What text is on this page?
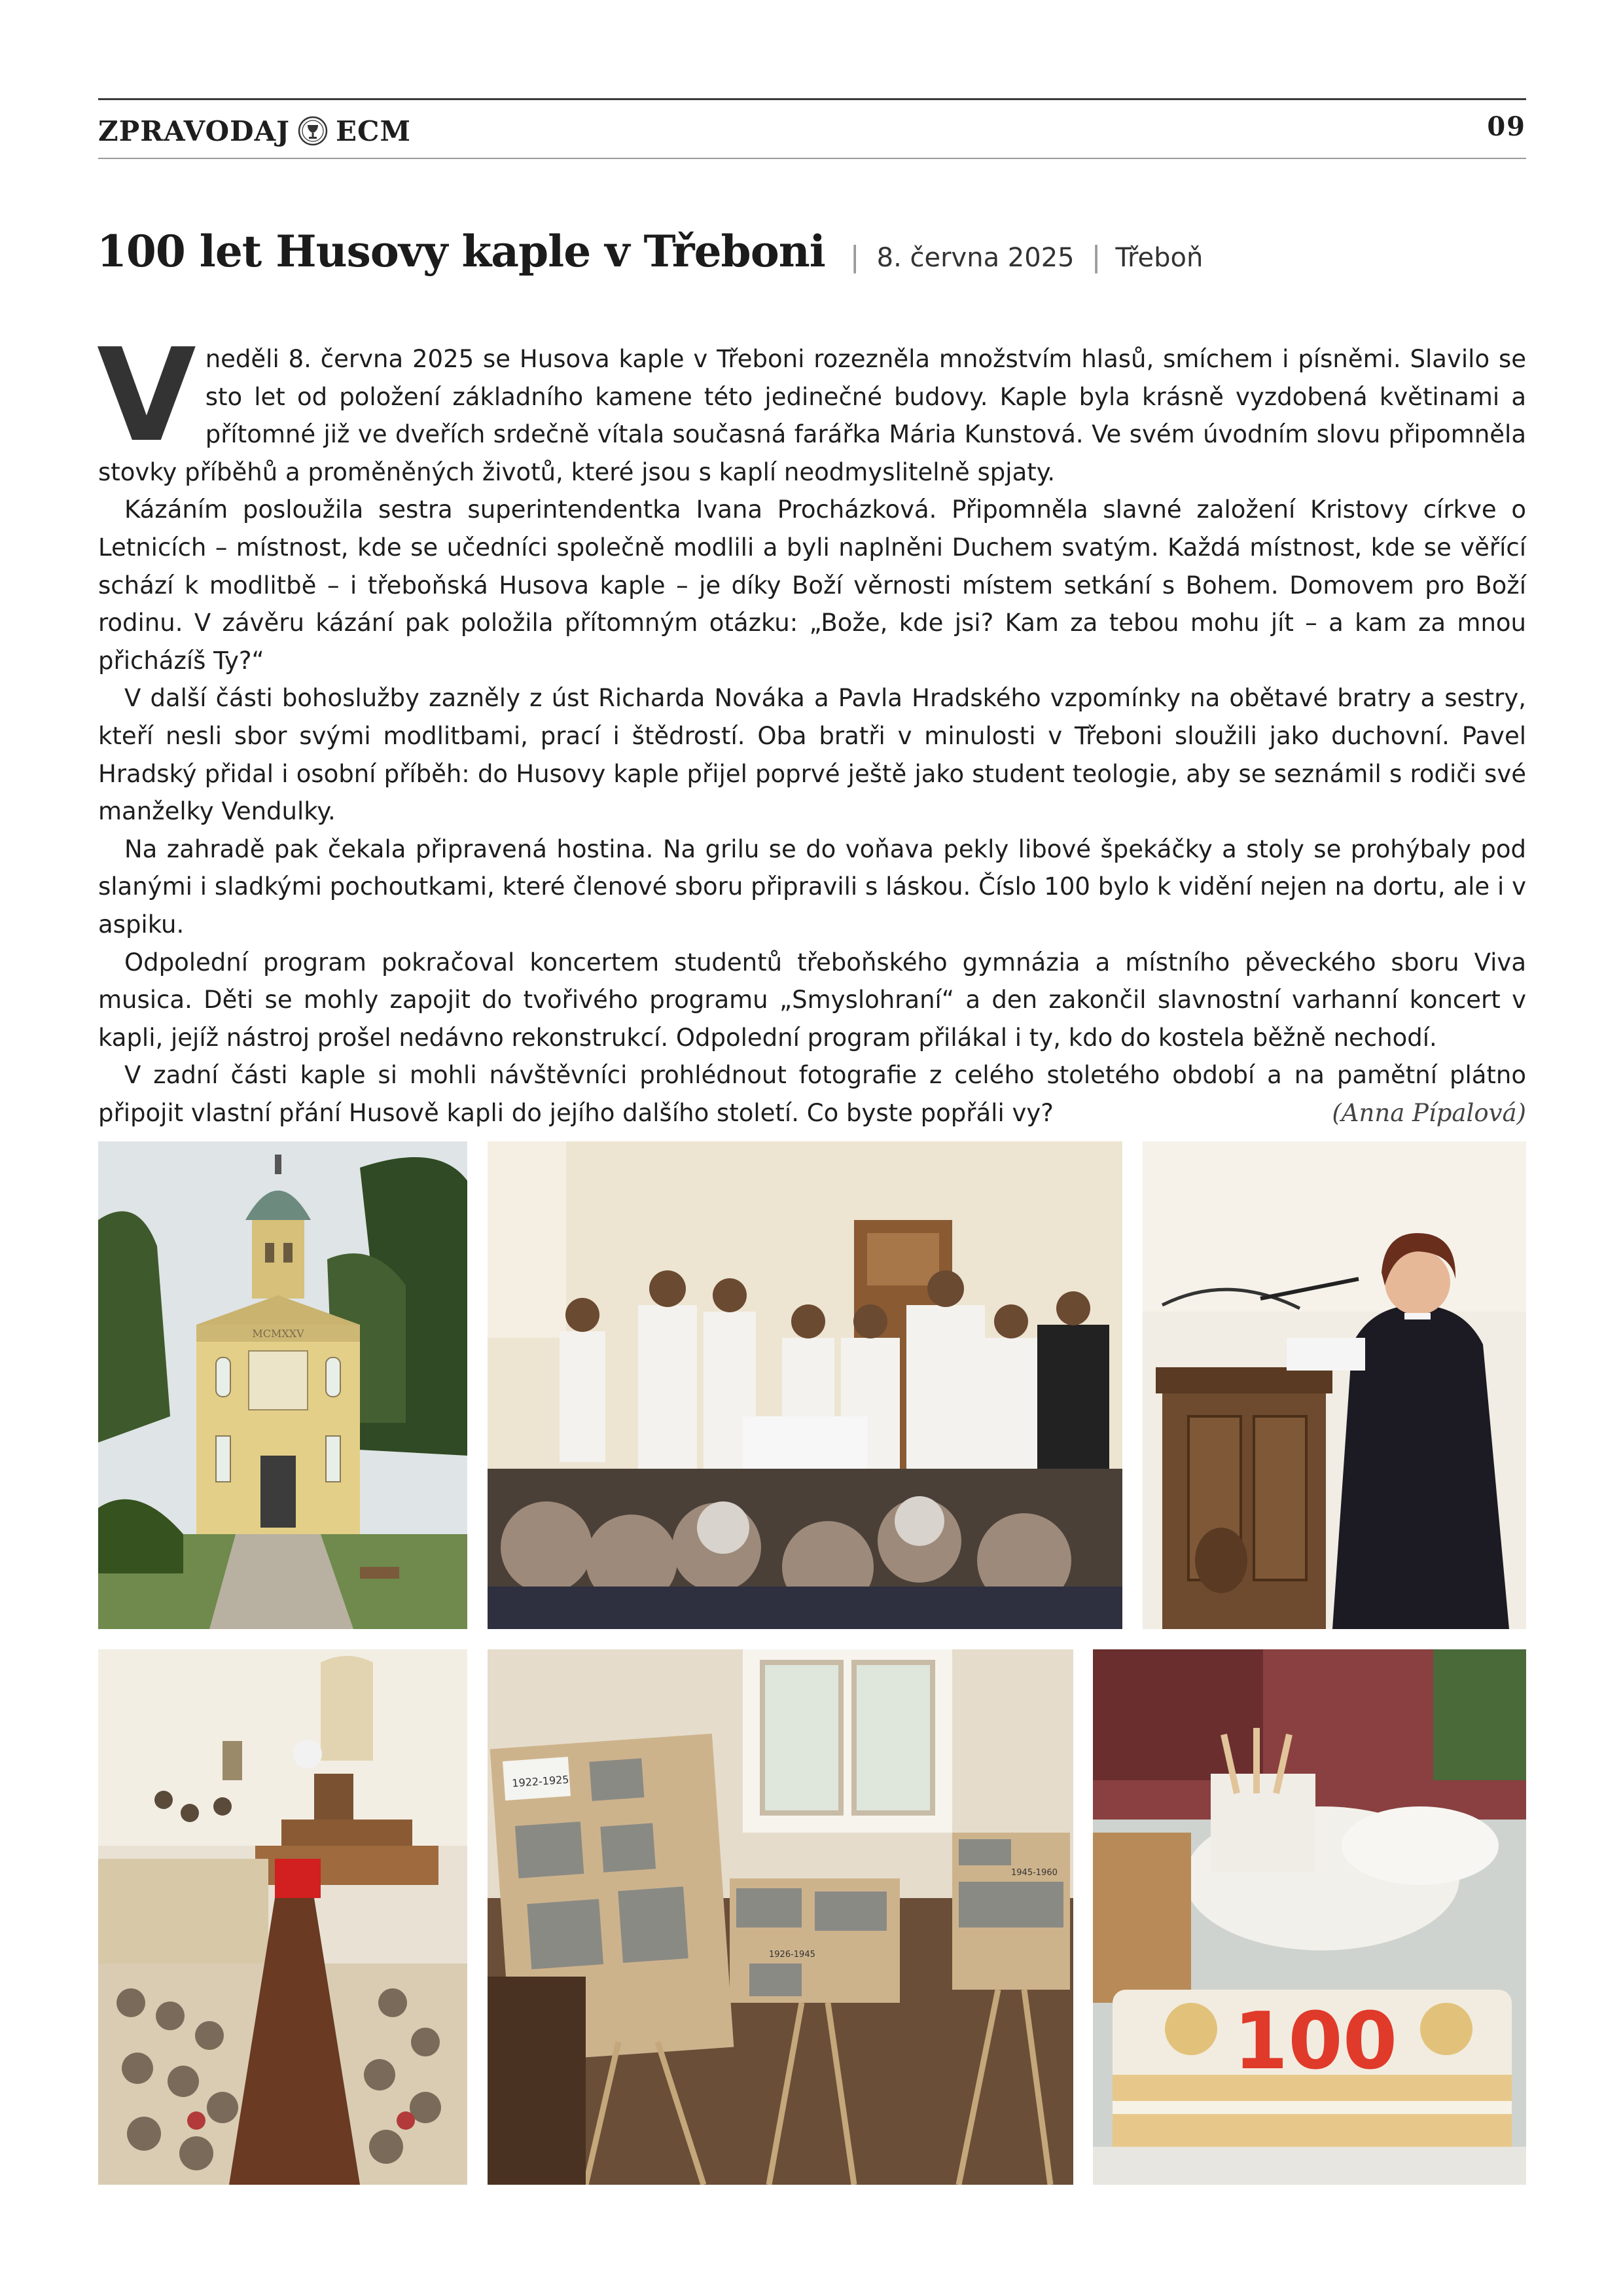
ZPRAVODAJ ECM	09
100 let Husovy kaple v Třeboni | 8. června 2025 | Třeboň

Vneděli 8. června 2025 se Husova kaple v Třeboni rozezněla množstvím hlasů, smíchem i písněmi. Slavilo se sto let od položení základního kamene této jedinečné budovy. Kaple byla krásně vyzdobená květinami a přítomné již ve dveřích srdečně vítala současná farářka Mária Kunstová. Ve svém úvodním slovu připomněla stovky příběhů a proměněných životů, které jsou s kaplí neodmyslitelně spjaty.

Kázáním posloužila sestra superintendentka Ivana Procházková. Připomněla slavné založení Kristovy církve o Letnicích – místnost, kde se učedníci společně modlili a byli naplněni Duchem svatým. Každá místnost, kde se věřící schází k modlitbě – i třeboňská Husova kaple – je díky Boží věrnosti místem setkání s Bohem. Domovem pro Boží rodinu. V závěru kázání pak položila přítomným otázku: „Bože, kde jsi? Kam za tebou mohu jít – a kam za mnou přicházíš Ty?“

V další části bohoslužby zazněly z úst Richarda Nováka a Pavla Hradského vzpomínky na obětavé bratry a sestry, kteří nesli sbor svými modlitbami, prací i štědrostí. Oba bratři v minulosti v Třeboni sloužili jako duchovní. Pavel Hradský přidal i osobní příběh: do Husovy kaple přijel poprvé ještě jako student teologie, aby se seznámil s rodiči své manželky Vendulky.

Na zahradě pak čekala připravená hostina. Na grilu se do voňava pekly libové špekáčky a stoly se prohýbaly pod slanými i sladkými pochoutkami, které členové sboru připravili s láskou. Číslo 100 bylo k vidění nejen na dortu, ale i v aspiku.

Odpolední program pokračoval koncertem studentů třeboňského gymnázia a místního pěveckého sboru Viva musica. Děti se mohly zapojit do tvořivého programu „Smyslohraní“ a den zakončil slavnostní varhanní koncert v kapli, jejíž nástroj prošel nedávno rekonstrukcí. Odpolední program přilákal i ty, kdo do kostela běžně nechodí.

V zadní části kaple si mohli návštěvníci prohlédnout fotografie z celého stoletého období a na pamětní plátno připojit vlastní přání Husově kapli do jejího dalšího století. Co byste popřáli vy?	(Anna Pípalová)

MCMXXV
1922-1925
1926-1945
1945-1960
100
